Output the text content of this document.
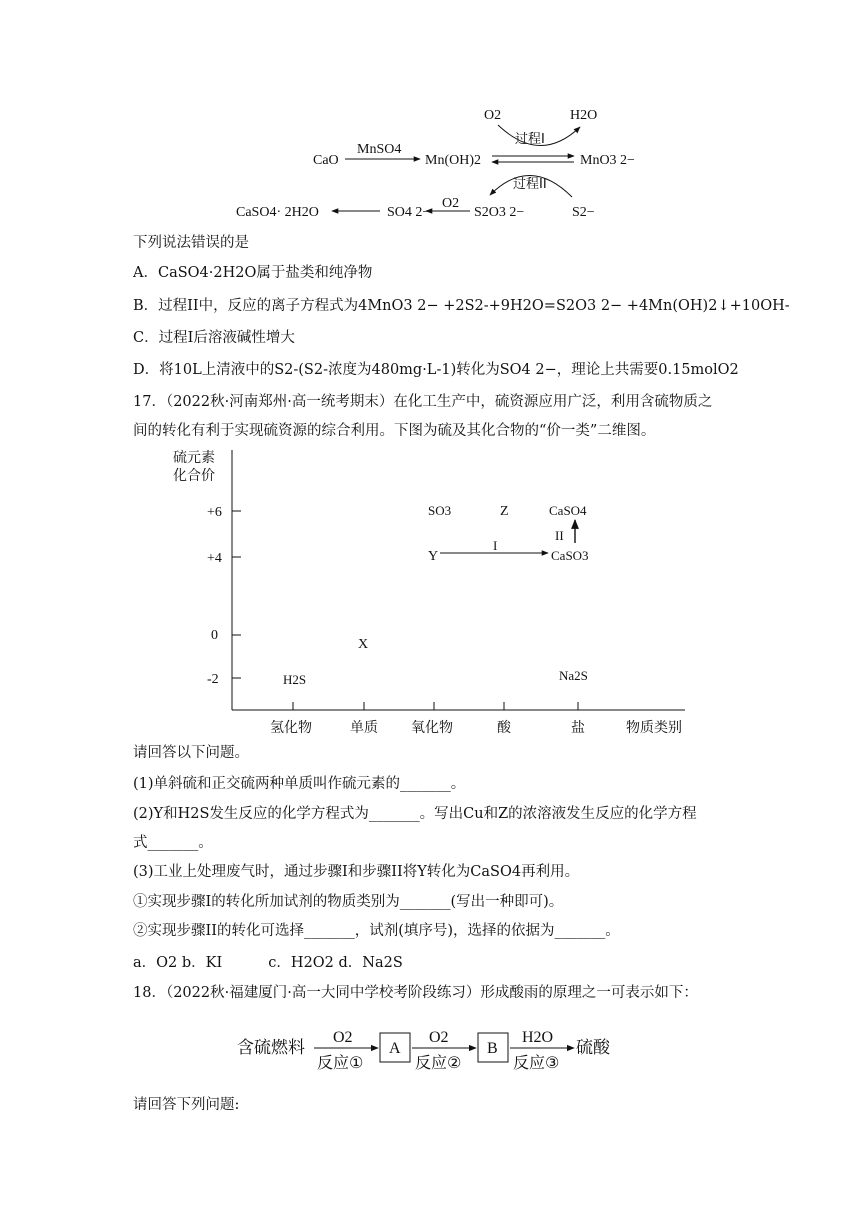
CaO
MnSO4
Mn(OH)2	MnO3 2−
O2	H2O
过程I
过程II
S2−
S2O3 2−
O2
SO4 2−
CaSO4· 2H2O
下列说法错误的是
A．CaSO4·2H2O属于盐类和纯净物
B．过程II中，反应的离子方程式为4MnO3 2− +2S2-+9H2O=S2O3 2− +4Mn(OH)2↓+10OH-
C．过程I后溶液碱性增大
D．将10L上清液中的S2-(S2-浓度为480mg·L-1)转化为SO4 2−，理论上共需要0.15molO2
17．（2022秋·河南郑州·高一统考期末）在化工生产中，硫资源应用广泛，利用含硫物质之
间的转化有利于实现硫资源的综合利用。下图为硫及其化合物的“价一类”二维图。
硫元素
化合价
+6
+4
0
-2
氢化物	单质 氧化物	酸	盐	物质类别
SO3	Z	CaSO4
II
Y
I
CaSO3
X
H2S	Na2S
请回答以下问题。
(1)单斜硫和正交硫两种单质叫作硫元素的_______。
(2)Y和H2S发生反应的化学方程式为_______。写出Cu和Z的浓溶液发生反应的化学方程
式_______。
(3)工业上处理废气时，通过步骤I和步骤II将Y转化为CaSO4再利用。
①实现步骤I的转化所加试剂的物质类别为_______(写出一种即可)。
②实现步骤II的转化可选择_______，试剂(填序号)，选择的依据为_______。
a．O2 b．KI          c．H2O2 d．Na2S
18．（2022秋·福建厦门·高一大同中学校考阶段练习）形成酸雨的原理之一可表示如下：
含硫燃料
O2
反应①
A
O2
反应②
B
H2O
反应③
硫酸
请回答下列问题:
